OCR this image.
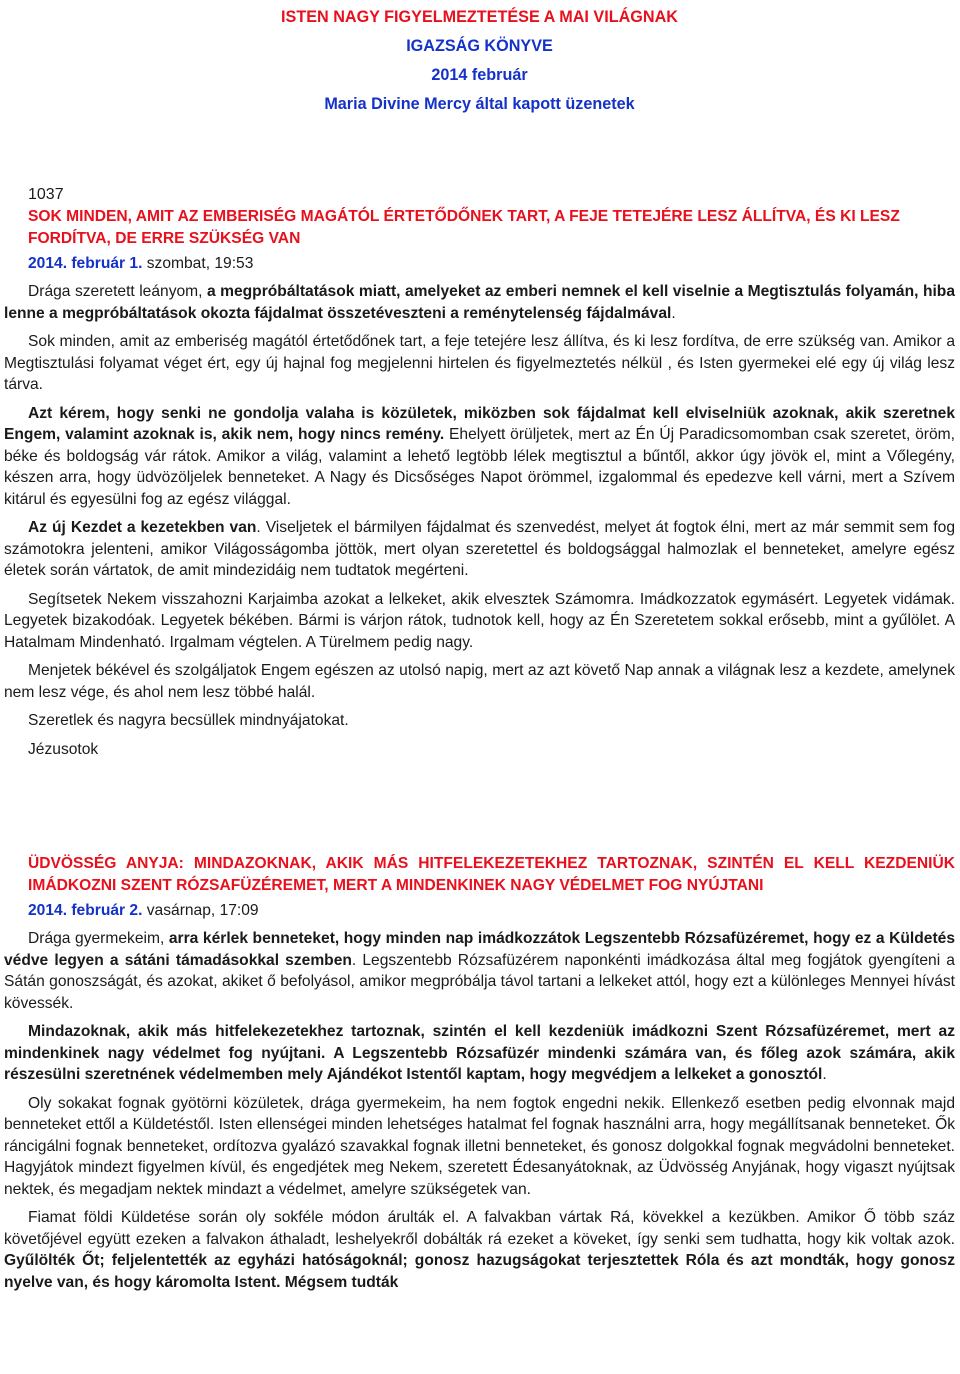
ISTEN NAGY FIGYELMEZTETÉSE A MAI VILÁGNAK
IGAZSÁG KÖNYVE
2014 február
Maria Divine Mercy által kapott üzenetek
1037
SOK MINDEN, AMIT AZ EMBERISÉG MAGÁTÓL ÉRTETŐDŐNEK TART, A FEJE TETEJÉRE LESZ ÁLLÍTVA, ÉS KI LESZ FORDÍTVA, DE ERRE SZÜKSÉG VAN
2014. február 1. szombat, 19:53

Drága szeretett leányom, a megpróbáltatások miatt, amelyeket az emberi nemnek el kell viselnie a Megtisztulás folyamán, hiba lenne a megpróbáltatások okozta fájdalmat összetéveszteni a reménytelenség fájdalmával.

Sok minden, amit az emberiség magától értetődőnek tart, a feje tetejére lesz állítva, és ki lesz fordítva, de erre szükség van. Amikor a Megtisztulási folyamat véget ért, egy új hajnal fog megjelenni hirtelen és figyelmeztetés nélkül , és Isten gyermekei elé egy új világ lesz tárva.

Azt kérem, hogy senki ne gondolja valaha is közületek, miközben sok fájdalmat kell elviselniük azoknak, akik szeretnek Engem, valamint azoknak is, akik nem, hogy nincs remény. Ehelyett örüljetek, mert az Én Új Paradicsomomban csak szeretet, öröm, béke és boldogság vár rátok. Amikor a világ, valamint a lehető legtöbb lélek megtisztul a bűntől, akkor úgy jövök el, mint a Vőlegény, készen arra, hogy üdvözöljelek benneteket. A Nagy és Dicsőséges Napot örömmel, izgalommal és epedezve kell várni, mert a Szívem kitárul és egyesülni fog az egész világgal.

Az új Kezdet a kezetekben van. Viseljetek el bármilyen fájdalmat és szenvedést, melyet át fogtok élni, mert az már semmit sem fog számotokra jelenteni, amikor Világosságomba jöttök, mert olyan szeretettel és boldogsággal halmozlak el benneteket, amelyre egész életek során vártatok, de amit mindezidáig nem tudtatok megérteni.

Segítsetek Nekem visszahozni Karjaimba azokat a lelkeket, akik elvesztek Számomra. Imádkozzatok egymásért. Legyetek vidámak. Legyetek bizakodóak. Legyetek békében. Bármi is várjon rátok, tudnotok kell, hogy az Én Szeretetem sokkal erősebb, mint a gyűlölet. A Hatalmam Mindenható. Irgalmam végtelen. A Türelmem pedig nagy.

Menjetek békével és szolgáljatok Engem egészen az utolsó napig, mert az azt követő Nap annak a világnak lesz a kezdete, amelynek nem lesz vége, és ahol nem lesz többé halál.

Szeretlek és nagyra becsüllek mindnyájatokat.

Jézusotok

ÜDVÖSSÉG ANYJA: MINDAZOKNAK, AKIK MÁS HITFELEKEZETEKHEZ TARTOZNAK, SZINTÉN EL KELL KEZDENIÜK IMÁDKOZNI SZENT RÓZSAFÜZÉREMET, MERT A MINDENKINEK NAGY VÉDELMET FOG NYÚJTANI
2014. február 2. vasárnap, 17:09

Drága gyermekeim, arra kérlek benneteket, hogy minden nap imádkozzátok Legszentebb Rózsafüzéremet, hogy ez a Küldetés védve legyen a sátáni támadásokkal szemben. Legszentebb Rózsafüzérem naponkénti imádkozása által meg fogjátok gyengíteni a Sátán gonoszságát, és azokat, akiket ő befolyásol, amikor megpróbálja távol tartani a lelkeket attól, hogy ezt a különleges Mennyei hívást kövessék.

Mindazoknak, akik más hitfelekezetekhez tartoznak, szintén el kell kezdeniük imádkozni Szent Rózsafüzéremet, mert az mindenkinek nagy védelmet fog nyújtani. A Legszentebb Rózsafüzér mindenki számára van, és főleg azok számára, akik részesülni szeretnének védelmemben mely Ajándékot Istentől kaptam, hogy megvédjem a lelkeket a gonosztól.

Oly sokakat fognak gyötörni közületek, drága gyermekeim, ha nem fogtok engedni nekik. Ellenkező esetben pedig elvonnak majd benneteket ettől a Küldetéstől. Isten ellenségei minden lehetséges hatalmat fel fognak használni arra, hogy megállítsanak benneteket. Ők ráncigálni fognak benneteket, ordítozva gyalázó szavakkal fognak illetni benneteket, és gonosz dolgokkal fognak megvádolni benneteket. Hagyjátok mindezt figyelmen kívül, és engedjétek meg Nekem, szeretett Édesanyátoknak, az Üdvösség Anyjának, hogy vigaszt nyújtsak nektek, és megadjam nektek mindazt a védelmet, amelyre szükségetek van.

Fiamat földi Küldetése során oly sokféle módon árulták el. A falvakban vártak Rá, kövekkel a kezükben. Amikor Ő több száz követőjével együtt ezeken a falvakon áthaladt, leshelyekről dobálták rá ezeket a köveket, így senki sem tudhatta, hogy kik voltak azok. Gyűlölték Őt; feljelentették az egyházi hatóságoknál; gonosz hazugságokat terjesztettek Róla és azt mondták, hogy gonosz nyelve van, és hogy káromolta Istent. Mégsem tudták
